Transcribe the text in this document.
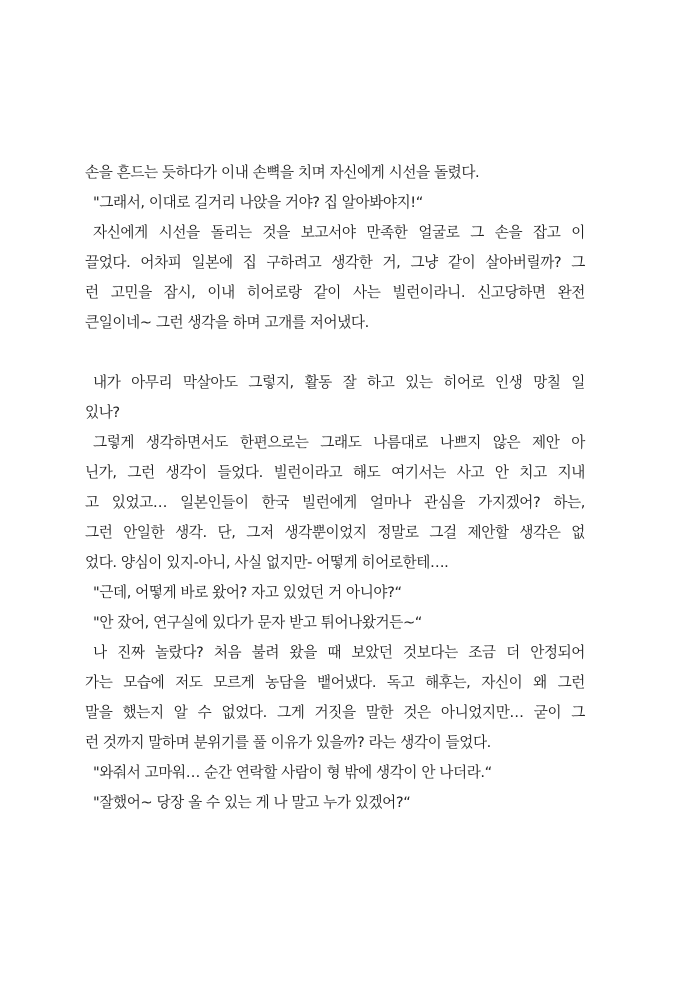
손을 흔드는 듯하다가 이내 손뼉을 치며 자신에게 시선을 돌렸다.
"그래서, 이대로 길거리 나앉을 거야? 집 알아봐야지!“
자신에게 시선을 돌리는 것을 보고서야 만족한 얼굴로 그 손을 잡고 이
끌었다. 어차피 일본에 집 구하려고 생각한 거, 그냥 같이 살아버릴까? 그
런 고민을 잠시, 이내 히어로랑 같이 사는 빌런이라니. 신고당하면 완전
큰일이네~ 그런 생각을 하며 고개를 저어냈다.
내가 아무리 막살아도 그렇지, 활동 잘 하고 있는 히어로 인생 망칠 일
있나?
그렇게 생각하면서도 한편으로는 그래도 나름대로 나쁘지 않은 제안 아
닌가, 그런 생각이 들었다. 빌런이라고 해도 여기서는 사고 안 치고 지내
고 있었고… 일본인들이 한국 빌런에게 얼마나 관심을 가지겠어? 하는,
그런 안일한 생각. 단, 그저 생각뿐이었지 정말로 그걸 제안할 생각은 없
었다. 양심이 있지-아니, 사실 없지만- 어떻게 히어로한테….
"근데, 어떻게 바로 왔어? 자고 있었던 거 아니야?“
"안 잤어, 연구실에 있다가 문자 받고 튀어나왔거든~“
나 진짜 놀랐다? 처음 불려 왔을 때 보았던 것보다는 조금 더 안정되어
가는 모습에 저도 모르게 농담을 뱉어냈다. 독고 해후는, 자신이 왜 그런
말을 했는지 알 수 없었다. 그게 거짓을 말한 것은 아니었지만… 굳이 그
런 것까지 말하며 분위기를 풀 이유가 있을까? 라는 생각이 들었다.
"와줘서 고마워… 순간 연락할 사람이 형 밖에 생각이 안 나더라.“
"잘했어~ 당장 올 수 있는 게 나 말고 누가 있겠어?“
